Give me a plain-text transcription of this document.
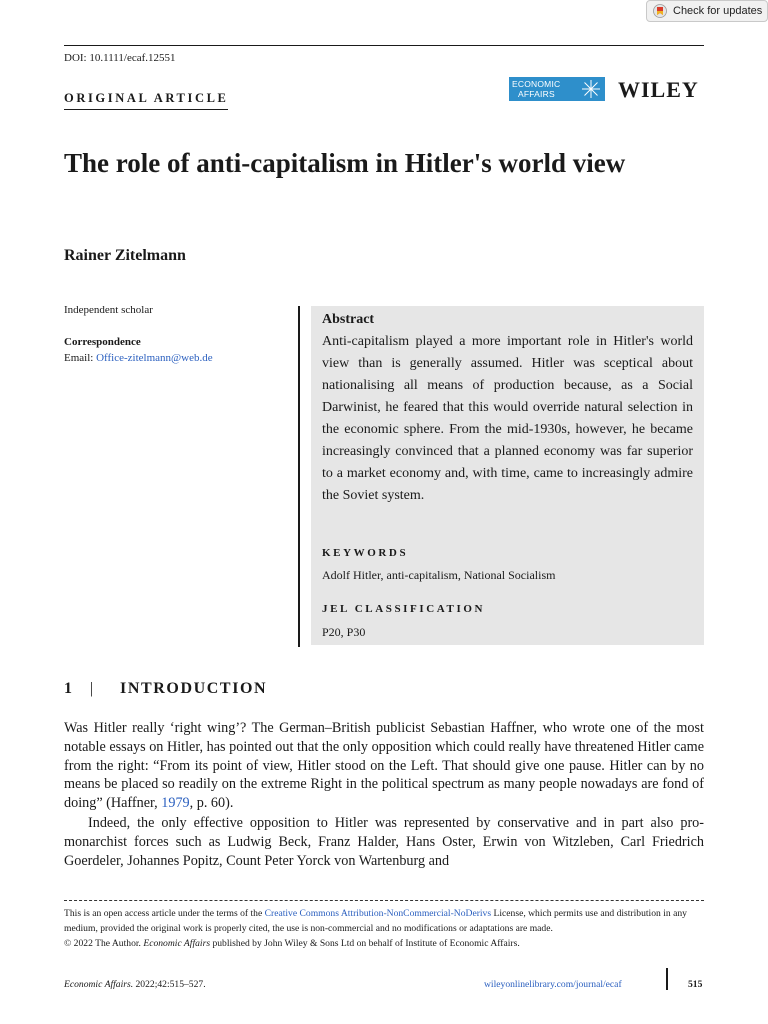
Check for updates
DOI: 10.1111/ecaf.12551
ORIGINAL ARTICLE
ECONOMIC
AFFAIRS	WILEY
The role of anti-capitalism in Hitler's world view
Rainer Zitelmann
Independent scholar
Correspondence
Email: Office-zitelmann@web.de
Abstract

Anti-capitalism played a more important role in Hitler's world view than is generally assumed. Hitler was sceptical about nationalising all means of production because, as a Social Darwinist, he feared that this would override natural selection in the economic sphere. From the mid-1930s, however, he became increasingly convinced that a planned economy was far superior to a market economy and, with time, came to increasingly admire the Soviet system.

KEYWORDS
Adolf Hitler, anti-capitalism, National Socialism
JEL CLASSIFICATION
P20, P30
1	|	INTRODUCTION

Was Hitler really ‘right wing’? The German–British publicist Sebastian Haffner, who wrote one of the most notable essays on Hitler, has pointed out that the only opposition which could really have threatened Hitler came from the right: “From its point of view, Hitler stood on the Left. That should give one pause. Hitler can by no means be placed so readily on the extreme Right in the political spectrum as many people nowadays are fond of doing” (Haffner, 1979, p. 60).

Indeed, the only effective opposition to Hitler was represented by conservative and in part also pro-monarchist forces such as Ludwig Beck, Franz Halder, Hans Oster, Erwin von Witzleben, Carl Friedrich Goerdeler, Johannes Popitz, Count Peter Yorck von Wartenburg and

This is an open access article under the terms of the Creative Commons Attribution-NonCommercial-NoDerivs License, which permits use and distribution in any medium, provided the original work is properly cited, the use is non-commercial and no modifications or adaptations are made.
© 2022 The Author. Economic Affairs published by John Wiley & Sons Ltd on behalf of Institute of Economic Affairs.

Economic Affairs. 2022;42:515–527.	wileyonlinelibrary.com/journal/ecaf	515
